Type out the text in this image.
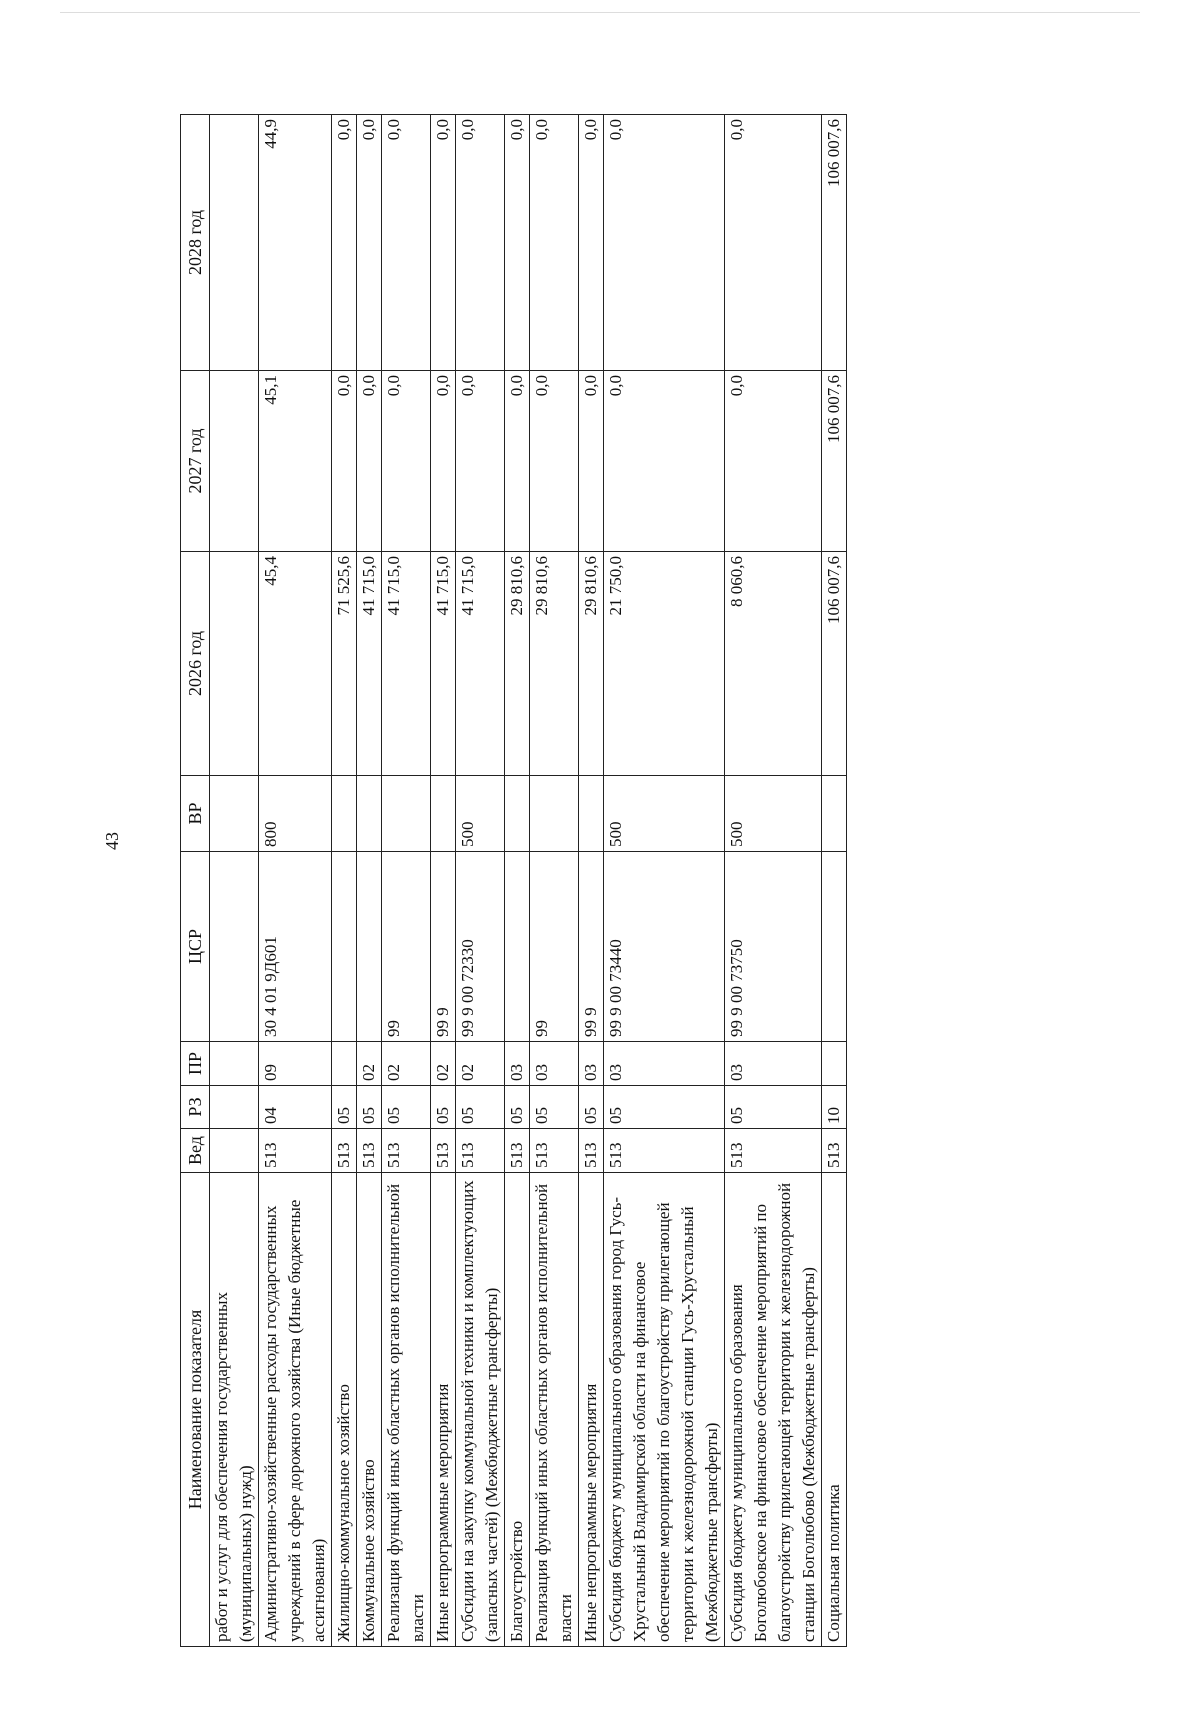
43
Наименование показателя	Вед	РЗ	ПР	ЦСР	ВР	2026 год	2027 год	2028 год
работ и услуг для обеспечения государственных (муниципальных) нужд)								
Административно-хозяйственные расходы государственных учреждений в сфере дорожного хозяйства (Иные бюджетные ассигнования)	513	04	09	30 4 01 9Д601	800	45,4	45,1	44,9
Жилищно-коммунальное хозяйство	513	05				71 525,6	0,0	0,0
Коммунальное хозяйство	513	05	02			41 715,0	0,0	0,0
Реализация функций иных областных органов исполнительной власти	513	05	02	99		41 715,0	0,0	0,0
Иные непрограммные мероприятия	513	05	02	99 9		41 715,0	0,0	0,0
Субсидии на закупку коммунальной техники и комплектующих (запасных частей) (Межбюджетные трансферты)	513	05	02	99 9 00 72330	500	41 715,0	0,0	0,0
Благоустройство	513	05	03			29 810,6	0,0	0,0
Реализация функций иных областных органов исполнительной власти	513	05	03	99		29 810,6	0,0	0,0
Иные непрограммные мероприятия	513	05	03	99 9		29 810,6	0,0	0,0
Субсидия бюджету муниципального образования город Гусь-Хрустальный Владимирской области на финансовое обеспечение мероприятий по благоустройству прилегающей территории к железнодорожной станции Гусь-Хрустальный (Межбюджетные трансферты)	513	05	03	99 9 00 73440	500	21 750,0	0,0	0,0
Субсидия бюджету муниципального образования Боголюбовское на финансовое обеспечение мероприятий по благоустройству прилегающей территории к железнодорожной станции Боголюбово (Межбюджетные трансферты)	513	05	03	99 9 00 73750	500	8 060,6	0,0	0,0
Социальная политика	513	10				106 007,6	106 007,6	106 007,6
